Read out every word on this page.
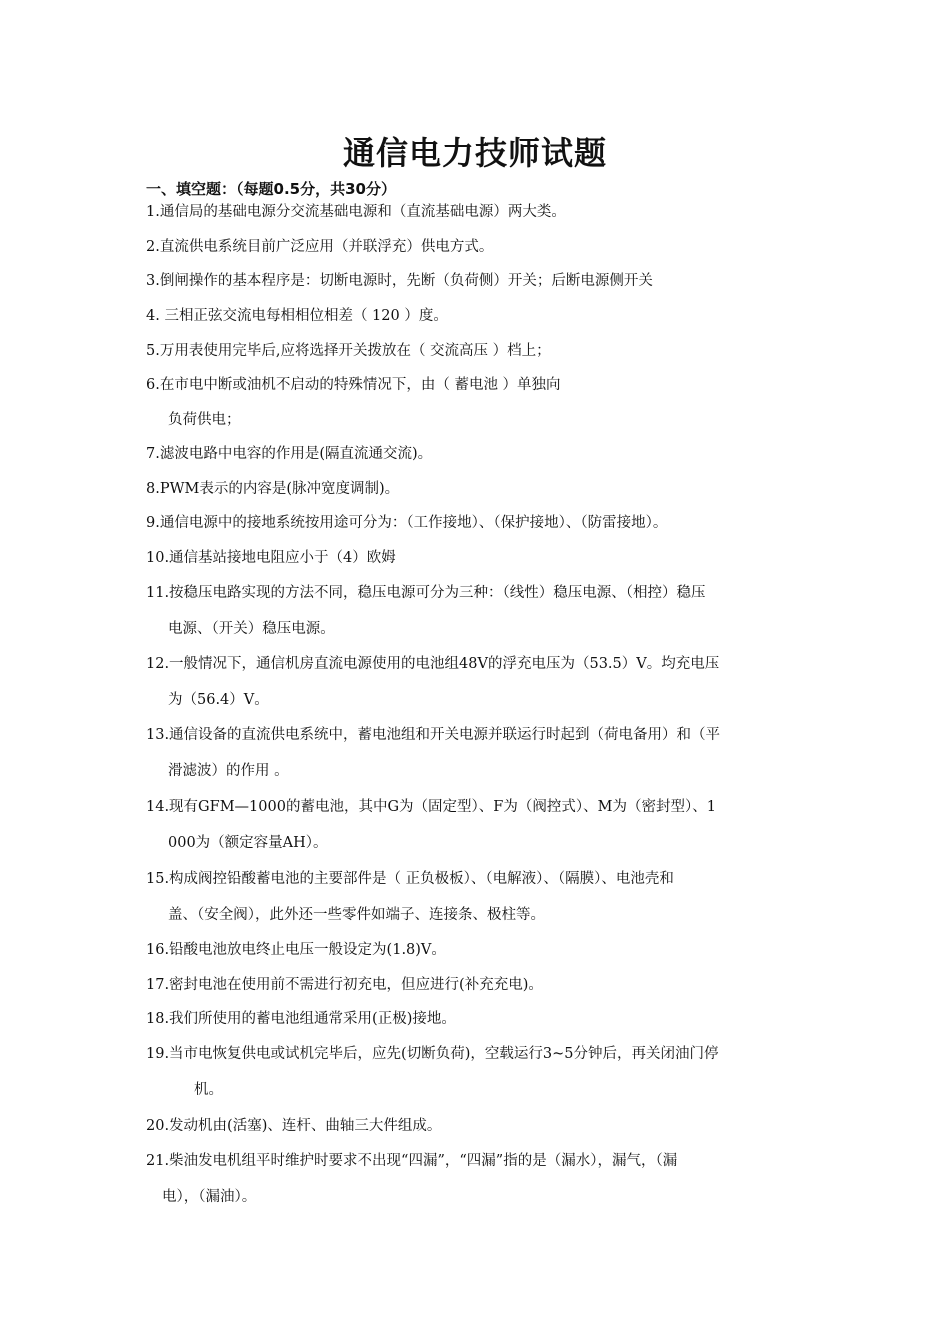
通信电力技师试题
一、填空题：（每题0.5分，共30分）
1.通信局的基础电源分交流基础电源和（直流基础电源）两大类。
2.直流供电系统目前广泛应用（并联浮充）供电方式。
3.倒闸操作的基本程序是：切断电源时，先断（负荷侧）开关；后断电源侧开关
4. 三相正弦交流电每相相位相差（ 120 ）度。
5.万用表使用完毕后,应将选择开关拨放在（ 交流高压 ）档上；
6.在市电中断或油机不启动的特殊情况下，由（ 蓄电池 ）单独向
负荷供电；
7.滤波电路中电容的作用是(隔直流通交流)。
8.PWM表示的内容是(脉冲宽度调制)。
9.通信电源中的接地系统按用途可分为：（工作接地）、（保护接地）、（防雷接地）。
10.通信基站接地电阻应小于（4）欧姆
11.按稳压电路实现的方法不同，稳压电源可分为三种：（线性）稳压电源、（相控）稳压
电源、（开关）稳压电源。
12.一般情况下，通信机房直流电源使用的电池组48V的浮充电压为（53.5）V。均充电压
为（56.4）V。
13.通信设备的直流供电系统中，蓄电池组和开关电源并联运行时起到（荷电备用）和（平
滑滤波）的作用 。
14.现有GFM—1000的蓄电池，其中G为（固定型）、F为（阀控式）、M为（密封型）、1
000为（额定容量AH）。
15.构成阀控铅酸蓄电池的主要部件是（ 正负极板）、（电解液）、（隔膜）、电池壳和
盖、（安全阀），此外还一些零件如端子、连接条、极柱等。
16.铅酸电池放电终止电压一般设定为(1.8)V。
17.密封电池在使用前不需进行初充电，但应进行(补充充电)。
18.我们所使用的蓄电池组通常采用(正极)接地。
19.当市电恢复供电或试机完毕后，应先(切断负荷)，空载运行3~5分钟后，再关闭油门停
机。
20.发动机由(活塞)、连杆、曲轴三大件组成。
21.柴油发电机组平时维护时要求不出现“四漏”，“四漏”指的是（漏水），漏气，（漏
电），（漏油）。
